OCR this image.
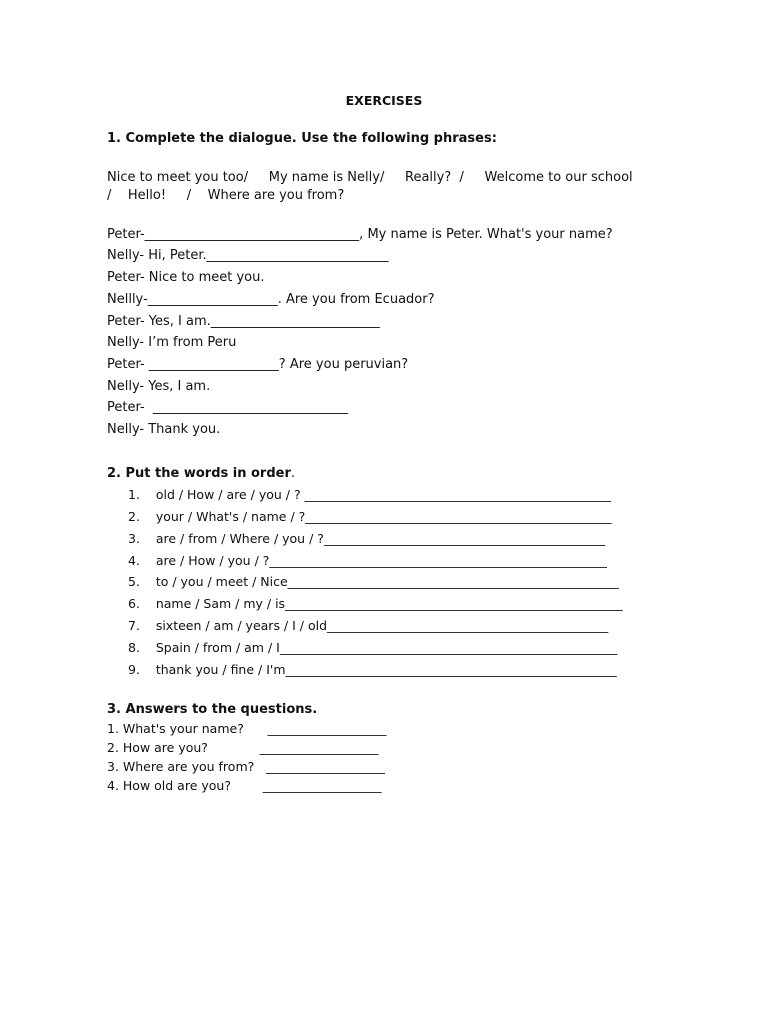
EXERCISES
1. Complete the dialogue. Use the following phrases:
Nice to meet you too/     My name is Nelly/     Really?  /     Welcome to our school
/    Hello!     /    Where are you from?
Peter-_________________________________, My name is Peter. What's your name?
Nelly- Hi, Peter.____________________________
Peter- Nice to meet you.
Nellly-____________________. Are you from Ecuador?
Peter- Yes, I am.__________________________
Nelly- I’m from Peru
Peter- ____________________? Are you peruvian?
Nelly- Yes, I am.
Peter-  ______________________________
Nelly- Thank you.
2. Put the words in order.
1.    old / How / are / you / ? _________________________________________________
2.    your / What's / name / ?_________________________________________________
3.    are / from / Where / you / ?_____________________________________________
4.    are / How / you / ?______________________________________________________
5.    to / you / meet / Nice_____________________________________________________
6.    name / Sam / my / is______________________________________________________
7.    sixteen / am / years / I / old_____________________________________________
8.    Spain / from / am / I______________________________________________________
9.    thank you / fine / I'm_____________________________________________________
3. Answers to the questions.
1. What's your name?      ___________________
2. How are you?             ___________________
3. Where are you from?   ___________________
4. How old are you?        ___________________
